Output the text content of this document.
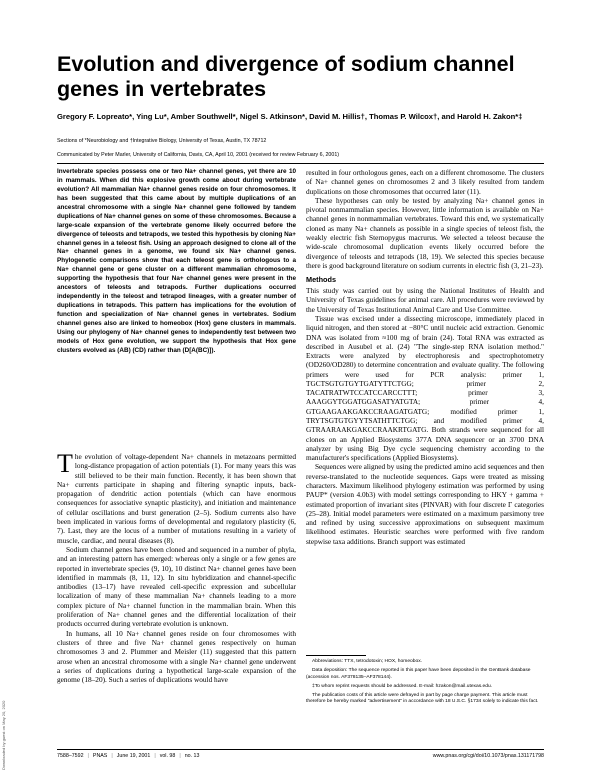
Downloaded by guest on May 20, 2020
Evolution and divergence of sodium channel genes in vertebrates

Gregory F. Lopreato*, Ying Lu*, Amber Southwell*, Nigel S. Atkinson*, David M. Hillis†, Thomas P. Wilcox†, and Harold H. Zakon*‡

Sections of *Neurobiology and †Integrative Biology, University of Texas, Austin, TX 78712

Communicated by Peter Marler, University of California, Davis, CA, April 10, 2001 (received for review February 6, 2001)

Invertebrate species possess one or two Na+ channel genes, yet there are 10 in mammals. When did this explosive growth come about during vertebrate evolution? All mammalian Na+ channel genes reside on four chromosomes. It has been suggested that this came about by multiple duplications of an ancestral chromosome with a single Na+ channel gene followed by tandem duplications of Na+ channel genes on some of these chromosomes. Because a large-scale expansion of the vertebrate genome likely occurred before the divergence of teleosts and tetrapods, we tested this hypothesis by cloning Na+ channel genes in a teleost fish. Using an approach designed to clone all of the Na+ channel genes in a genome, we found six Na+ channel genes. Phylogenetic comparisons show that each teleost gene is orthologous to a Na+ channel gene or gene cluster on a different mammalian chromosome, supporting the hypothesis that four Na+ channel genes were present in the ancestors of teleosts and tetrapods. Further duplications occurred independently in the teleost and tetrapod lineages, with a greater number of duplications in tetrapods. This pattern has implications for the evolution of function and specialization of Na+ channel genes in vertebrates. Sodium channel genes also are linked to homeobox (Hox) gene clusters in mammals. Using our phylogeny of Na+ channel genes to independently test between two models of Hox gene evolution, we support the hypothesis that Hox gene clusters evolved as (AB) (CD) rather than (D[A(BC)]).

The evolution of voltage-dependent Na+ channels in metazoans permitted long-distance propagation of action potentials (1). For many years this was still believed to be their main function. Recently, it has been shown that Na+ currents participate in shaping and filtering synaptic inputs, back-propagation of dendritic action potentials (which can have enormous consequences for associative synaptic plasticity), and initiation and maintenance of cellular oscillations and burst generation (2–5). Sodium currents also have been implicated in various forms of developmental and regulatory plasticity (6, 7). Last, they are the locus of a number of mutations resulting in a variety of muscle, cardiac, and neural diseases (8).

Sodium channel genes have been cloned and sequenced in a number of phyla, and an interesting pattern has emerged: whereas only a single or a few genes are reported in invertebrate species (9, 10), 10 distinct Na+ channel genes have been identified in mammals (8, 11, 12). In situ hybridization and channel-specific antibodies (13–17) have revealed cell-specific expression and subcellular localization of many of these mammalian Na+ channels leading to a more complex picture of Na+ channel function in the mammalian brain. When this proliferation of Na+ channel genes and the differential localization of their products occurred during vertebrate evolution is unknown.

In humans, all 10 Na+ channel genes reside on four chromosomes with clusters of three and five Na+ channel genes respectively on human chromosomes 3 and 2. Plummer and Meisler (11) suggested that this pattern arose when an ancestral chromosome with a single Na+ channel gene underwent a series of duplications during a hypothetical large-scale expansion of the genome (18–20). Such a series of duplications would have

resulted in four orthologous genes, each on a different chromosome. The clusters of Na+ channel genes on chromosomes 2 and 3 likely resulted from tandem duplications on those chromosomes that occurred later (11).

These hypotheses can only be tested by analyzing Na+ channel genes in pivotal nonmammalian species. However, little information is available on Na+ channel genes in nonmammalian vertebrates. Toward this end, we systematically cloned as many Na+ channels as possible in a single species of teleost fish, the weakly electric fish Sternopygus macrurus. We selected a teleost because the wide-scale chromosomal duplication events likely occurred before the divergence of teleosts and tetrapods (18, 19). We selected this species because there is good background literature on sodium currents in electric fish (3, 21–23).

Methods

This study was carried out by using the National Institutes of Health and University of Texas guidelines for animal care. All procedures were reviewed by the University of Texas Institutional Animal Care and Use Committee.

Tissue was excised under a dissecting microscope, immediately placed in liquid nitrogen, and then stored at −80°C until nucleic acid extraction. Genomic DNA was isolated from ≈100 mg of brain (24). Total RNA was extracted as described in Ausubel et al. (24) "The single-step RNA isolation method." Extracts were analyzed by electrophoresis and spectrophotometry (OD260/OD280) to determine concentration and evaluate quality. The following primers were used for PCR analysis: primer 1, TGCTSGTGTGYTGATYTTCTGG; primer 2, TACATRATWTCCATCCARCCTTT; primer 3, AAAGGYTGGATGGASATYATGTA; primer 4, GTGAAGAAKGAKCCRAAGATGATG; modified primer 1, TRYTSGTGTGYYTSATHTTCTGG; and modified primer 4, GTRAARAAKGAKCCRAAKRTGATG. Both strands were sequenced for all clones on an Applied Biosystems 377A DNA sequencer or an 3700 DNA analyzer by using Big Dye cycle sequencing chemistry according to the manufacturer's specifications (Applied Biosystems).

Sequences were aligned by using the predicted amino acid sequences and then reverse-translated to the nucleotide sequences. Gaps were treated as missing characters. Maximum likelihood phylogeny estimation was performed by using PAUP* (version 4.0b3) with model settings corresponding to HKY + gamma + estimated proportion of invariant sites (PINVAR) with four discrete Γ categories (25–28). Initial model parameters were estimated on a maximum parsimony tree and refined by using successive approximations on subsequent maximum likelihood estimates. Heuristic searches were performed with five random stepwise taxa additions. Branch support was estimated

Abbreviations: TTX, tetrodotoxin; HOX, homeobox.

Data deposition: The sequence reported in this paper have been deposited in the GenBank database (accession nos. AF378135–AF378144).

‡To whom reprint requests should be addressed. E-mail: hzakon@mail.utexas.edu.

The publication costs of this article were defrayed in part by page charge payment. This article must therefore be hereby marked "advertisement" in accordance with 18 U.S.C. §1734 solely to indicate this fact.

7588–7592 | PNAS | June 19, 2001 | vol. 98 | no. 13	www.pnas.org/cgi/doi/10.1073/pnas.131171798
